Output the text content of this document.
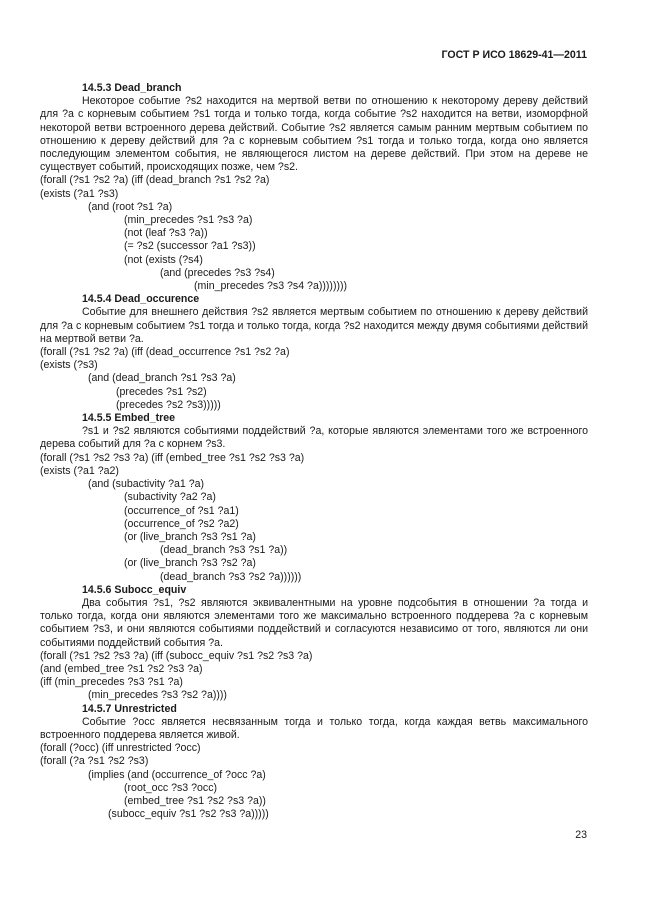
ГОСТ Р ИСО 18629-41—2011
14.5.3 Dead_branch
Некоторое событие ?s2 находится на мертвой ветви по отношению к некоторому дереву действий для ?a с корневым событием ?s1 тогда и только тогда, когда событие ?s2 находится на ветви, изоморфной некоторой ветви встроенного дерева действий. Событие ?s2 является самым ранним мертвым событием по отношению к дереву действий для ?a с корневым событием ?s1 тогда и только тогда, когда оно является последующим элементом события, не являющегося листом на дереве действий. При этом на дереве не существует событий, происходящих позже, чем ?s2.
(forall (?s1 ?s2 ?a) (iff (dead_branch ?s1 ?s2 ?a)
(exists (?a1 ?s3)
(and (root ?s1 ?a)
(min_precedes ?s1 ?s3 ?a)
(not (leaf ?s3 ?a))
(= ?s2 (successor ?a1 ?s3))
(not (exists (?s4)
(and (precedes ?s3 ?s4)
(min_precedes ?s3 ?s4 ?a))))))))
14.5.4 Dead_occurence
Событие для внешнего действия ?s2 является мертвым событием по отношению к дереву действий для ?a с корневым событием ?s1 тогда и только тогда, когда ?s2 находится между двумя событиями действий на мертвой ветви ?a.
(forall (?s1 ?s2 ?a) (iff (dead_occurrence ?s1 ?s2 ?a)
(exists (?s3)
(and (dead_branch ?s1 ?s3 ?a)
(precedes ?s1 ?s2)
(precedes ?s2 ?s3)))))
14.5.5 Embed_tree
?s1 и ?s2 являются событиями поддействий ?a, которые являются элементами того же встроенного дерева событий для ?a с корнем ?s3.
(forall (?s1 ?s2 ?s3 ?a) (iff (embed_tree ?s1 ?s2 ?s3 ?a)
(exists (?a1 ?a2)
(and (subactivity ?a1 ?a)
(subactivity ?a2 ?a)
(occurrence_of ?s1 ?a1)
(occurrence_of ?s2 ?a2)
(or (live_branch ?s3 ?s1 ?a)
(dead_branch ?s3 ?s1 ?a))
(or (live_branch ?s3 ?s2 ?a)
(dead_branch ?s3 ?s2 ?a))))))
14.5.6 Subocc_equiv
Два события ?s1, ?s2 являются эквивалентными на уровне подсобытия в отношении ?a тогда и только тогда, когда они являются элементами того же максимально встроенного поддерева ?a с корневым событием ?s3, и они являются событиями поддействий и согласуются независимо от того, являются ли они событиями поддействий события ?a.
(forall (?s1 ?s2 ?s3 ?a) (iff (subocc_equiv ?s1 ?s2 ?s3 ?a)
(and (embed_tree ?s1 ?s2 ?s3 ?a)
(iff (min_precedes ?s3 ?s1 ?a)
(min_precedes ?s3 ?s2 ?a))))
14.5.7 Unrestricted
Событие ?occ является несвязанным тогда и только тогда, когда каждая ветвь максимального встроенного поддерева является живой.
(forall (?occ) (iff unrestricted ?occ)
(forall (?a ?s1 ?s2 ?s3)
(implies (and (occurrence_of ?occ ?a)
(root_occ ?s3 ?occ)
(embed_tree ?s1 ?s2 ?s3 ?a))
(subocc_equiv ?s1 ?s2 ?s3 ?a)))))
23
